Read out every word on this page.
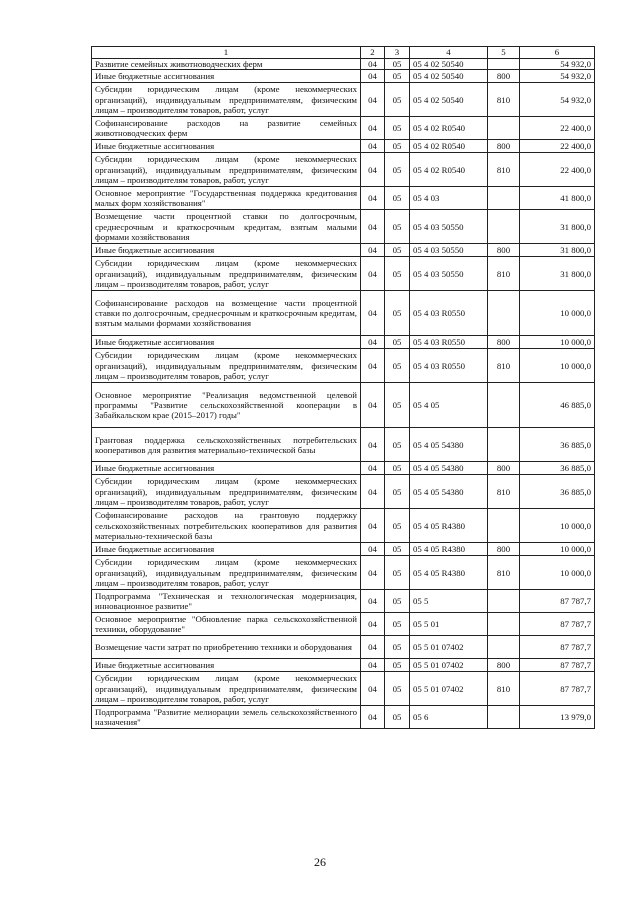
1	2	3	4	5	6
Развитие семейных животноводческих ферм	04	05	05 4 02 50540		54 932,0
Иные бюджетные ассигнования	04	05	05 4 02 50540	800	54 932,0
Субсидии юридическим лицам (кроме некоммерческих организаций), индивидуальным предпринимателям, физическим лицам – производителям товаров, работ, услуг	04	05	05 4 02 50540	810	54 932,0
Софинансирование расходов на развитие семейных животноводческих ферм	04	05	05 4 02 R0540		22 400,0
Иные бюджетные ассигнования	04	05	05 4 02 R0540	800	22 400,0
Субсидии юридическим лицам (кроме некоммерческих организаций), индивидуальным предпринимателям, физическим лицам – производителям товаров, работ, услуг	04	05	05 4 02 R0540	810	22 400,0
Основное мероприятие "Государственная поддержка кредитования малых форм хозяйствования"	04	05	05 4 03		41 800,0
Возмещение части процентной ставки по долгосрочным, среднесрочным и краткосрочным кредитам, взятым малыми формами хозяйствования	04	05	05 4 03 50550		31 800,0
Иные бюджетные ассигнования	04	05	05 4 03 50550	800	31 800,0
Субсидии юридическим лицам (кроме некоммерческих организаций), индивидуальным предпринимателям, физическим лицам – производителям товаров, работ, услуг	04	05	05 4 03 50550	810	31 800,0
Софинансирование расходов на возмещение части процентной ставки по долгосрочным, среднесрочным и краткосрочным кредитам, взятым малыми формами хозяйствования	04	05	05 4 03 R0550		10 000,0
Иные бюджетные ассигнования	04	05	05 4 03 R0550	800	10 000,0
Субсидии юридическим лицам (кроме некоммерческих организаций), индивидуальным предпринимателям, физическим лицам – производителям товаров, работ, услуг	04	05	05 4 03 R0550	810	10 000,0
Основное мероприятие "Реализация ведомственной целевой программы "Развитие сельскохозяйственной кооперации в Забайкальском крае (2015–2017) годы"	04	05	05 4 05		46 885,0
Грантовая поддержка сельскохозяйственных потребительских кооперативов для развития материально-технической базы	04	05	05 4 05 54380		36 885,0
Иные бюджетные ассигнования	04	05	05 4 05 54380	800	36 885,0
Субсидии юридическим лицам (кроме некоммерческих организаций), индивидуальным предпринимателям, физическим лицам – производителям товаров, работ, услуг	04	05	05 4 05 54380	810	36 885,0
Софинансирование расходов на грантовую поддержку сельскохозяйственных потребительских кооперативов для развития материально-технической базы	04	05	05 4 05 R4380		10 000,0
Иные бюджетные ассигнования	04	05	05 4 05 R4380	800	10 000,0
Субсидии юридическим лицам (кроме некоммерческих организаций), индивидуальным предпринимателям, физическим лицам – производителям товаров, работ, услуг	04	05	05 4 05 R4380	810	10 000,0
Подпрограмма "Техническая и технологическая модернизация, инновационное развитие"	04	05	05 5		87 787,7
Основное мероприятие "Обновление парка сельскохозяйственной техники, оборудование"	04	05	05 5 01		87 787,7
Возмещение части затрат по приобретению техники и оборудования	04	05	05 5 01 07402		87 787,7
Иные бюджетные ассигнования	04	05	05 5 01 07402	800	87 787,7
Субсидии юридическим лицам (кроме некоммерческих организаций), индивидуальным предпринимателям, физическим лицам – производителям товаров, работ, услуг	04	05	05 5 01 07402	810	87 787,7
Подпрограмма "Развитие мелиорации земель сельскохозяйственного назначения"	04	05	05 6		13 979,0
26
